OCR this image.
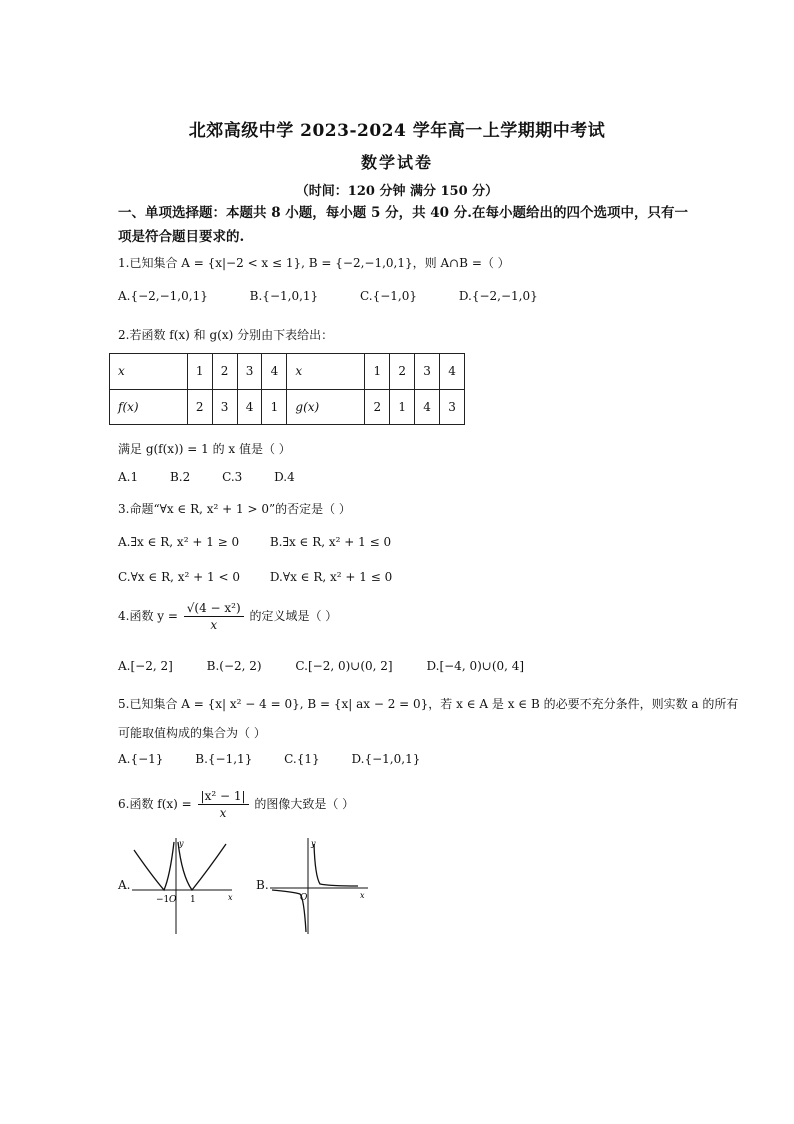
北郊高级中学 2023-2024 学年高一上学期期中考试
数学试卷
（时间：120 分钟 满分 150 分）
一、单项选择题：本题共 8 小题，每小题 5 分，共 40 分.在每小题给出的四个选项中，只有一项是符合题目要求的.
1.已知集合 A = {x|−2 < x ≤ 1}, B = {−2,−1,0,1}，则 A∩B =（ ）
A.{−2,−1,0,1}	B.{−1,0,1}	C.{−1,0}	D.{−2,−1,0}
2.若函数 f(x) 和 g(x) 分别由下表给出：
x	1	2	3	4	x	1	2	3	4
f(x)	2	3	4	1	g(x)	2	1	4	3
满足 g(f(x)) = 1 的 x 值是（ ）
A.1	B.2	C.3	D.4
3.命题“∀x ∈ R, x² + 1 > 0”的否定是（ ）
A.∃x ∈ R, x² + 1 ≥ 0	B.∃x ∈ R, x² + 1 ≤ 0
C.∀x ∈ R, x² + 1 < 0 D.∀x ∈ R, x² + 1 ≤ 0
4.函数 $y = \frac{\text{√(4 − x²)}}{x}$ 的定义域是（ ）
A.[−2, 2]	B.(−2, 2)	C.[−2, 0)∪(0, 2]	D.[−4, 0)∪(0, 4]
5.已知集合 A = {x| x² − 4 = 0}, B = {x| ax − 2 = 0}，若 x ∈ A 是 x ∈ B 的必要不充分条件，则实数 a 的所有
可能取值构成的集合为（ ）
A.{−1}	B.{−1,1}	C.{1}	D.{−1,0,1}
6.函数 $f(x) = \frac{\text{|x² − 1|}}{x}$ 的图像大致是（ ）
A.
−1 O 1	x
y
B.
O	x
y
